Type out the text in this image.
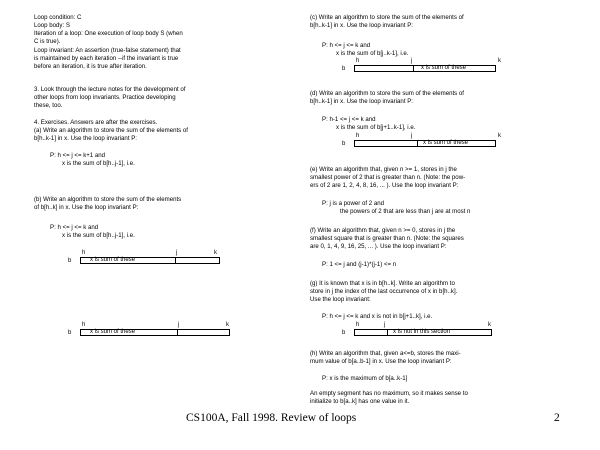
Loop condition: C
Loop body: S
Iteration of a loop: One execution of loop body S (when
C is true).
Loop invariant: An assertion (true-false statement) that
is maintained by each iteration --if the invariant is true
before an iteration, it is true after iteration.
3. Look through the lecture notes for the development of
other loops from loop invariants. Practice developing
these, too.
4. Exercises. Answers are after the exercises.
(a) Write an algorithm to store the sum of the elements of
b[h..k-1] in x. Use the loop invariant P:
P: h <= j <= k+1 and
x is the sum of b[h..j-1], i.e.
(b) Write an algorithm to store the sum of the elements
of b[h..k] in x. Use the loop invariant P:
P: h <= j <= k and
x is the sum of b[h..j-1], i.e.
h	j	k
b	x is sum of these
h	j	k
b	x is sum of these
(c) Write an algorithm to store the sum of the elements of
b[h..k-1] in x. Use the loop invariant P:
P: h <= j <= k and
x is the sum of b[j..k-1], i.e.
h	j	k
b	x is sum of these
(d) Write an algorithm to store the sum of the elements of
b[h..k-1] in x. Use the loop invariant P:
P: h-1 <= j <= k and
x is the sum of b[j+1..k-1], i.e.
h	j	k
b	x is sum of these
(e) Write an algorithm that, given n >= 1, stores in j the
smallest power of 2 that is greater than n. (Note: the pow-
ers of 2 are 1, 2, 4, 8, 16, ... ). Use the loop invariant P:
P: j is a power of 2 and
the powers of 2 that are less than j are at most n
(f) Write an algorithm that, given n >= 0, stores in j the
smallest square that is greater than n. (Note: the squares
are 0, 1, 4, 9, 16, 25, ... ). Use the loop invariant P:
P: 1 <= j and (j-1)*(j-1) <= n
(g) It is known that x is in b[h..k]. Write an algorithm to
store in j the index of the last occurrence of x in b[h..k].
Use the loop invariant:
P: h <= j <= k and x is not in b[j+1..k], i.e.
h	j	k
b	x is not in this section
(h) Write an algorithm that, given a<=b, stores the maxi-
mum value of b[a..b-1] in x. Use the loop invariant P:
P: x is the maximum of b[a..k-1]
An empty segment has no maximum, so it makes sense to
initialize to b[a..k] has one value in it.
CS100A, Fall 1998. Review of loops	2
